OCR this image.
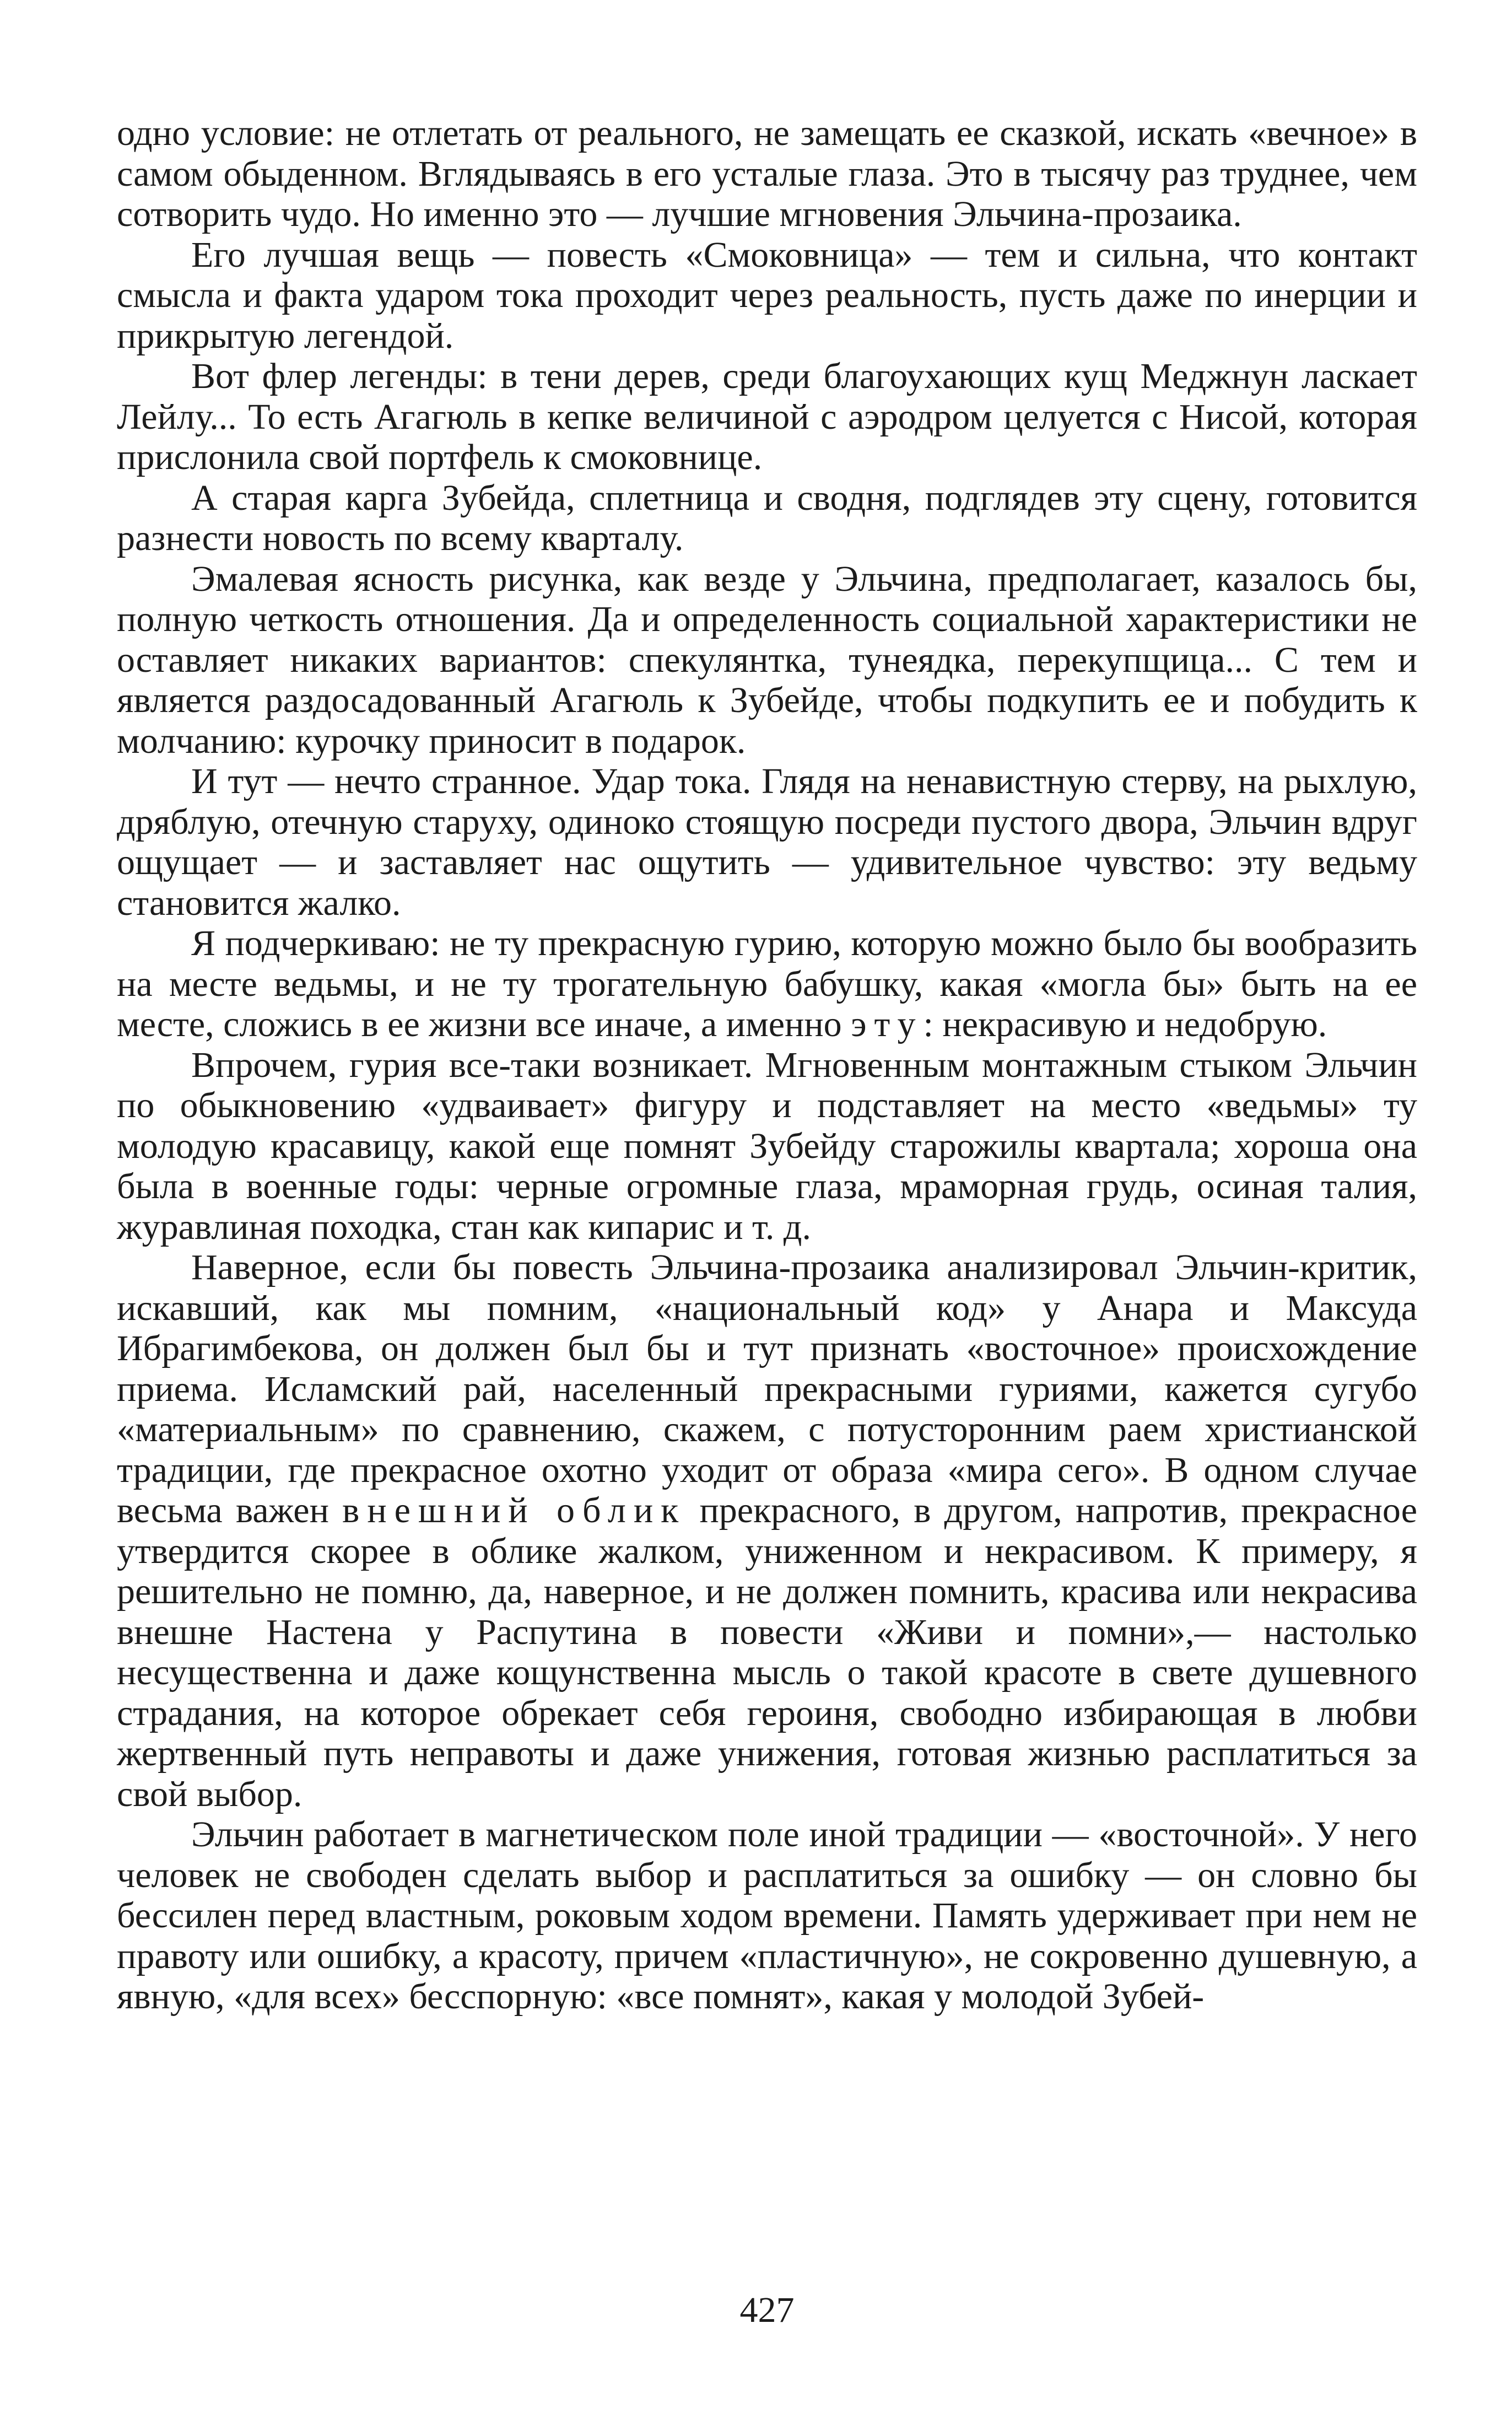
одно условие: не отлетать от реального, не замещать ее сказкой, искать «вечное» в самом обыденном. Вглядываясь в его усталые глаза. Это в тысячу раз труднее, чем сотворить чудо. Но именно это — лучшие мгновения Эльчина-прозаика.

Его лучшая вещь — повесть «Смоковница» — тем и сильна, что контакт смысла и факта ударом тока проходит через реальность, пусть даже по инерции и прикрытую легендой.

Вот флер легенды: в тени дерев, среди благоухающих кущ Меджнун ласкает Лейлу... То есть Агагюль в кепке величиной с аэродром целуется с Нисой, которая прислонила свой портфель к смоковнице.

А старая карга Зубейда, сплетница и сводня, подглядев эту сцену, готовится разнести новость по всему кварталу.

Эмалевая ясность рисунка, как везде у Эльчина, предполагает, казалось бы, полную четкость отношения. Да и определенность социальной характеристики не оставляет никаких вариантов: спекулянтка, тунеядка, перекупщица... С тем и является раздосадованный Агагюль к Зубейде, чтобы подкупить ее и побудить к молчанию: курочку приносит в подарок.

И тут — нечто странное. Удар тока. Глядя на ненавистную стерву, на рыхлую, дряблую, отечную старуху, одиноко стоящую посреди пустого двора, Эльчин вдруг ощущает — и заставляет нас ощутить — удивительное чувство: эту ведьму становится жалко.

Я подчеркиваю: не ту прекрасную гурию, которую можно было бы вообразить на месте ведьмы, и не ту трогательную бабушку, какая «могла бы» быть на ее месте, сложись в ее жизни все иначе, а именно эту: некрасивую и недобрую.

Впрочем, гурия все-таки возникает. Мгновенным монтажным стыком Эльчин по обыкновению «удваивает» фигуру и подставляет на место «ведьмы» ту молодую красавицу, какой еще помнят Зубейду старожилы квартала; хороша она была в военные годы: черные огромные глаза, мраморная грудь, осиная талия, журавлиная походка, стан как кипарис и т. д.

Наверное, если бы повесть Эльчина-прозаика анализировал Эльчин-критик, искавший, как мы помним, «национальный код» у Анара и Максуда Ибрагимбекова, он должен был бы и тут признать «восточное» происхождение приема. Исламский рай, населенный прекрасными гуриями, кажется сугубо «материальным» по сравнению, скажем, с потусторонним раем христианской традиции, где прекрасное охотно уходит от образа «мира сего». В одном случае весьма важен внешний облик прекрасного, в другом, напротив, прекрасное утвердится скорее в облике жалком, униженном и некрасивом. К примеру, я решительно не помню, да, наверное, и не должен помнить, красива или некрасива внешне Настена у Распутина в повести «Живи и помни»,— настолько несущественна и даже кощунственна мысль о такой красоте в свете душевного страдания, на которое обрекает себя героиня, свободно избирающая в любви жертвенный путь неправоты и даже унижения, готовая жизнью расплатиться за свой выбор.

Эльчин работает в магнетическом поле иной традиции — «восточной». У него человек не свободен сделать выбор и расплатиться за ошибку — он словно бы бессилен перед властным, роковым ходом времени. Память удерживает при нем не правоту или ошибку, а красоту, причем «пластичную», не сокровенно душевную, а явную, «для всех» бесспорную: «все помнят», какая у молодой Зубей-

427
